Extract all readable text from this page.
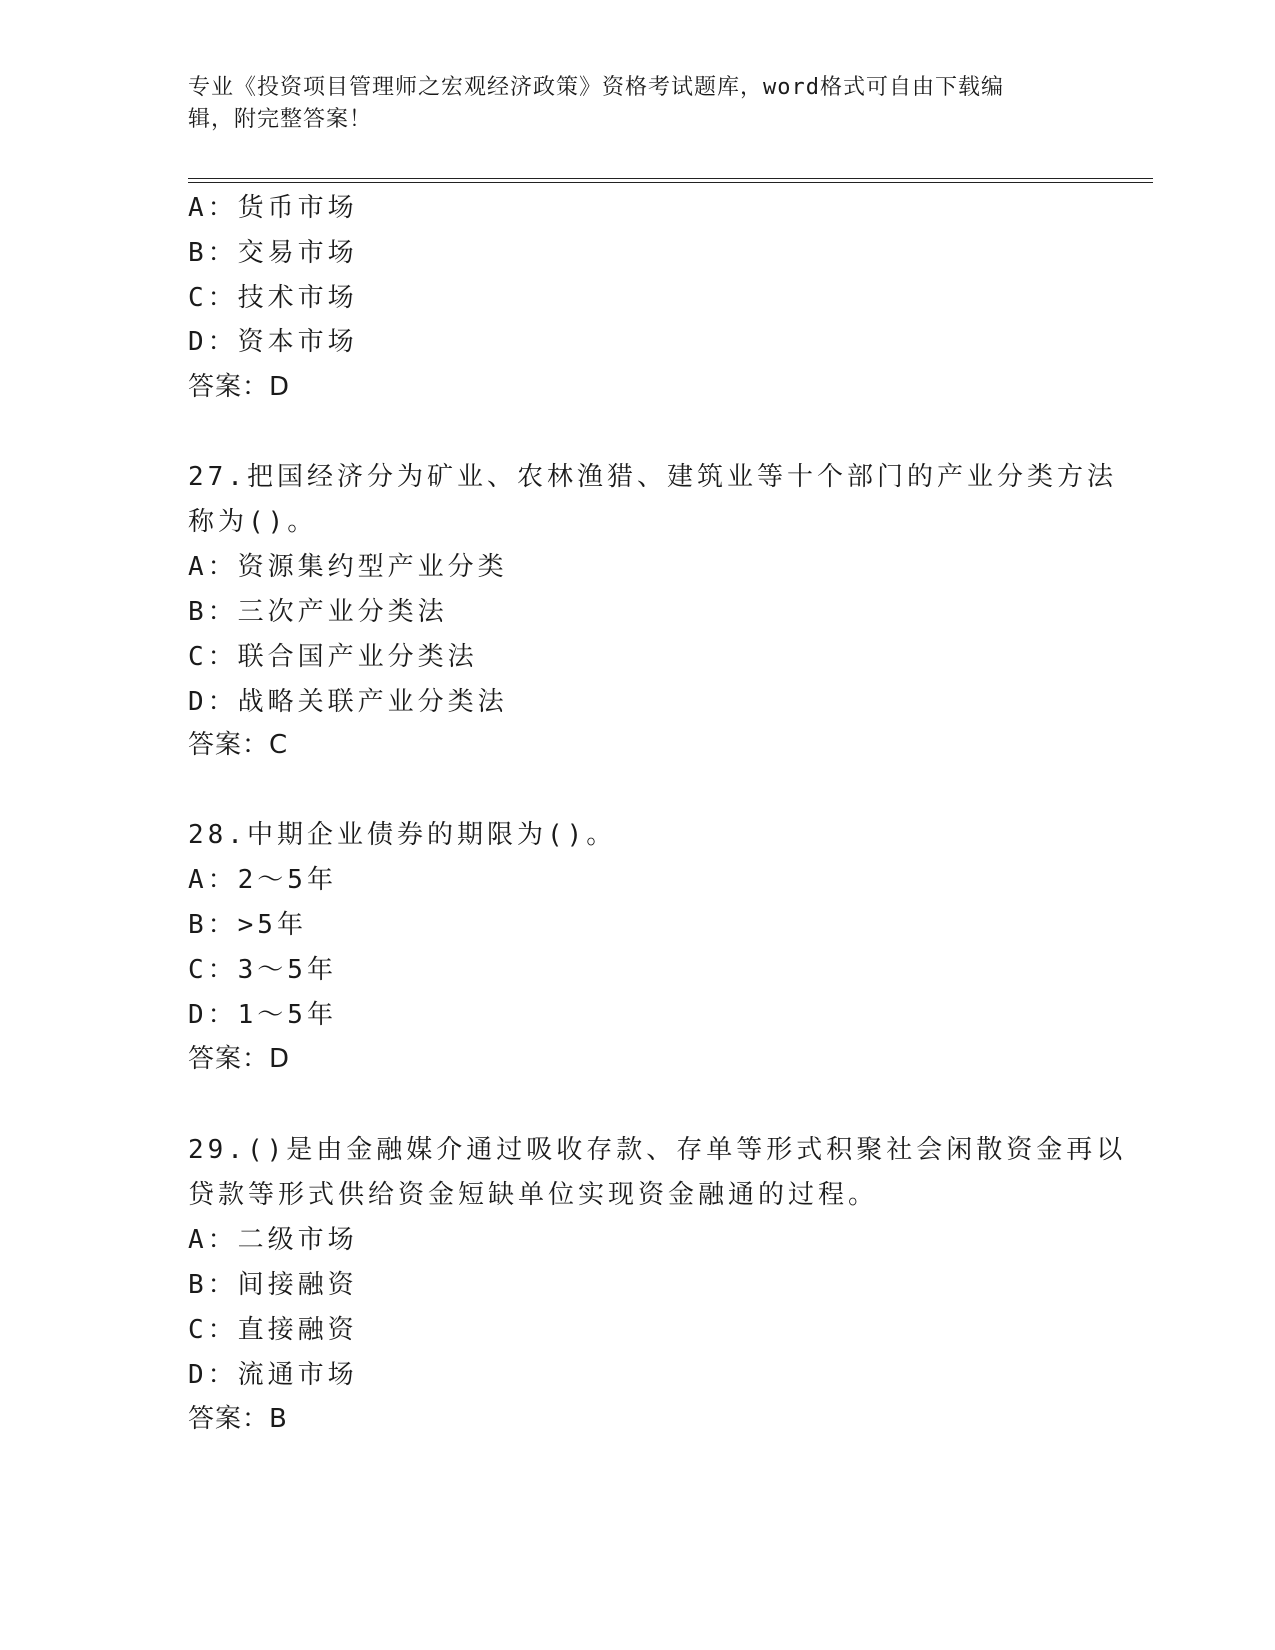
专业《投资项目管理师之宏观经济政策》资格考试题库，word格式可自由下载编
辑，附完整答案！
A：货币市场
B：交易市场
C：技术市场
D：资本市场
答案：D
27.把国经济分为矿业、农林渔猎、建筑业等十个部门的产业分类方法
称为()。
A：资源集约型产业分类
B：三次产业分类法
C：联合国产业分类法
D：战略关联产业分类法
答案：C
28.中期企业债券的期限为()。
A：2～5年
B：>5年
C：3～5年
D：1～5年
答案：D
29.()是由金融媒介通过吸收存款、存单等形式积聚社会闲散资金再以
贷款等形式供给资金短缺单位实现资金融通的过程。
A：二级市场
B：间接融资
C：直接融资
D：流通市场
答案：B
